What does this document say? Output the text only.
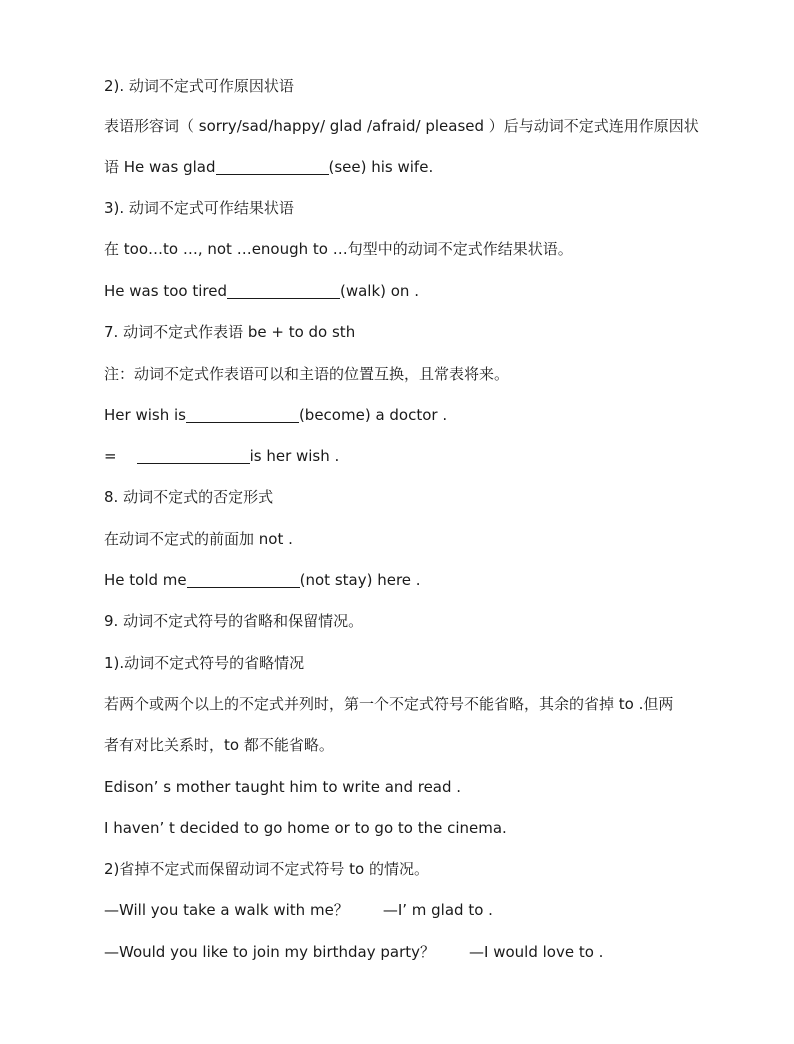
2). 动词不定式可作原因状语
表语形容词（ sorry/sad/happy/ glad /afraid/ pleased ）后与动词不定式连用作原因状
语 He was glad	(see) his wife.
3). 动词不定式可作结果状语
在 too…to …, not …enough to …句型中的动词不定式作结果状语。
He was too tired	(walk) on .
7. 动词不定式作表语 be + to do sth
注：动词不定式作表语可以和主语的位置互换，且常表将来。
Her wish is	(become) a doctor .
=	is her wish .
8. 动词不定式的否定形式
在动词不定式的前面加 not .
He told me	(not stay) here .
9. 动词不定式符号的省略和保留情况。
1).动词不定式符号的省略情况
若两个或两个以上的不定式并列时，第一个不定式符号不能省略，其余的省掉 to .但两
者有对比关系时，to 都不能省略。
Edison’ s mother taught him to write and read .
I haven’ t decided to go home or to go to the cinema.
2)省掉不定式而保留动词不定式符号 to 的情况。
—Will you take a walk with me？ —I’ m glad to .
—Would you like to join my birthday party？ —I would love to .
